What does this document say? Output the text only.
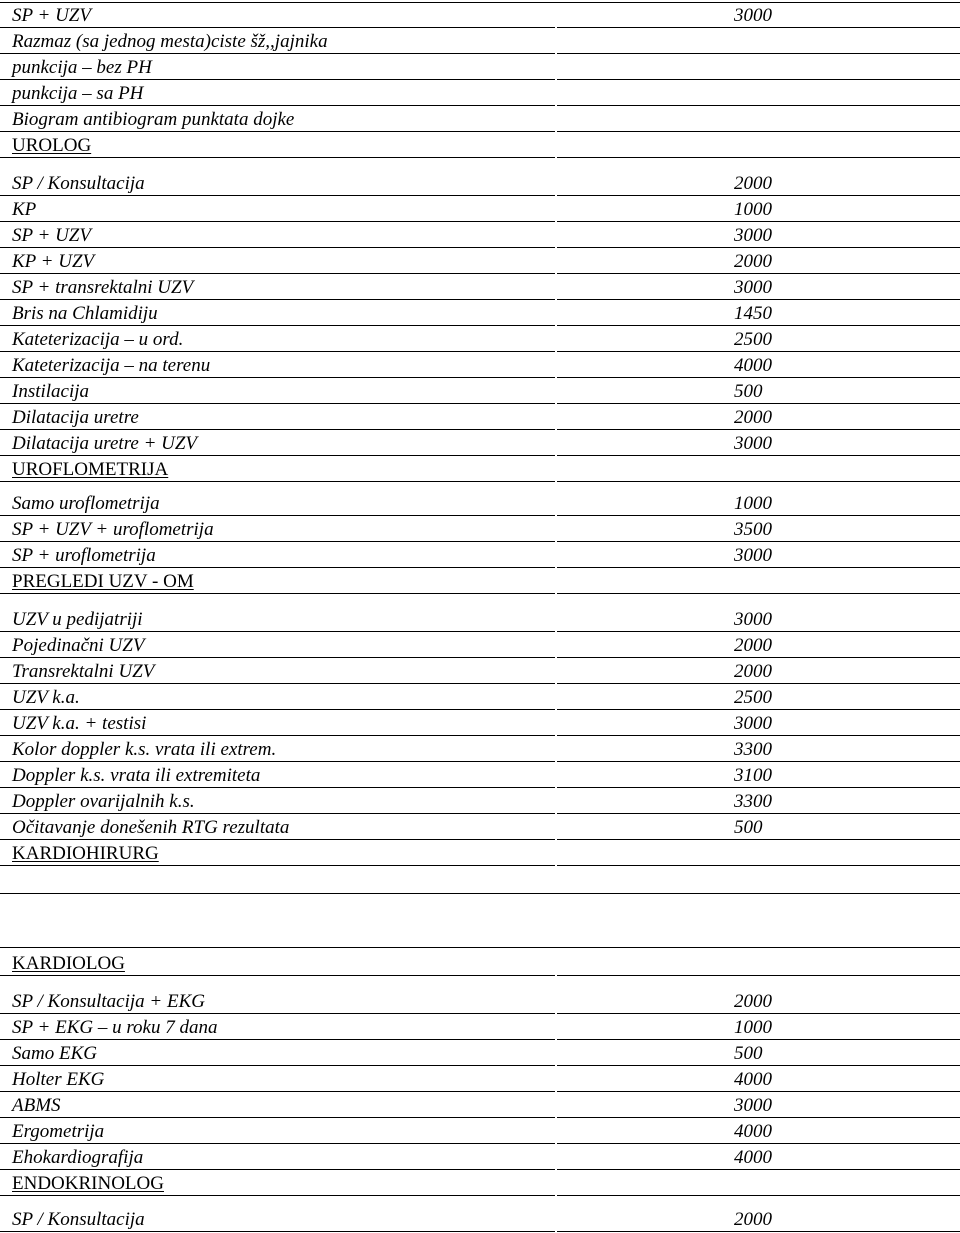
SP + UZV	3000
Razmaz (sa jednog mesta)ciste šž,,jajnika
punkcija – bez PH
punkcija – sa PH
Biogram antibiogram punktata dojke
UROLOG
SP / Konsultacija	2000
KP	1000
SP + UZV	3000
KP + UZV	2000
SP + transrektalni UZV	3000
Bris na Chlamidiju	1450
Kateterizacija – u ord.	2500
Kateterizacija – na terenu	4000
Instilacija	500
Dilatacija uretre	2000
Dilatacija uretre + UZV	3000
UROFLOMETRIJA
Samo uroflometrija	1000
SP + UZV + uroflometrija	3500
SP + uroflometrija	3000
PREGLEDI UZV - OM
UZV u pedijatriji	3000
Pojedinačni UZV	2000
Transrektalni UZV	2000
UZV k.a.	2500
UZV k.a. + testisi	3000
Kolor doppler k.s. vrata ili extrem.	3300
Doppler k.s. vrata ili extremiteta	3100
Doppler ovarijalnih k.s.	3300
Očitavanje donešenih RTG rezultata	500
KARDIOHIRURG
KARDIOLOG
SP / Konsultacija + EKG	2000
SP + EKG – u roku 7 dana	1000
Samo EKG	500
Holter EKG	4000
ABMS	3000
Ergometrija	4000
Ehokardiografija	4000
ENDOKRINOLOG
SP / Konsultacija	2000
